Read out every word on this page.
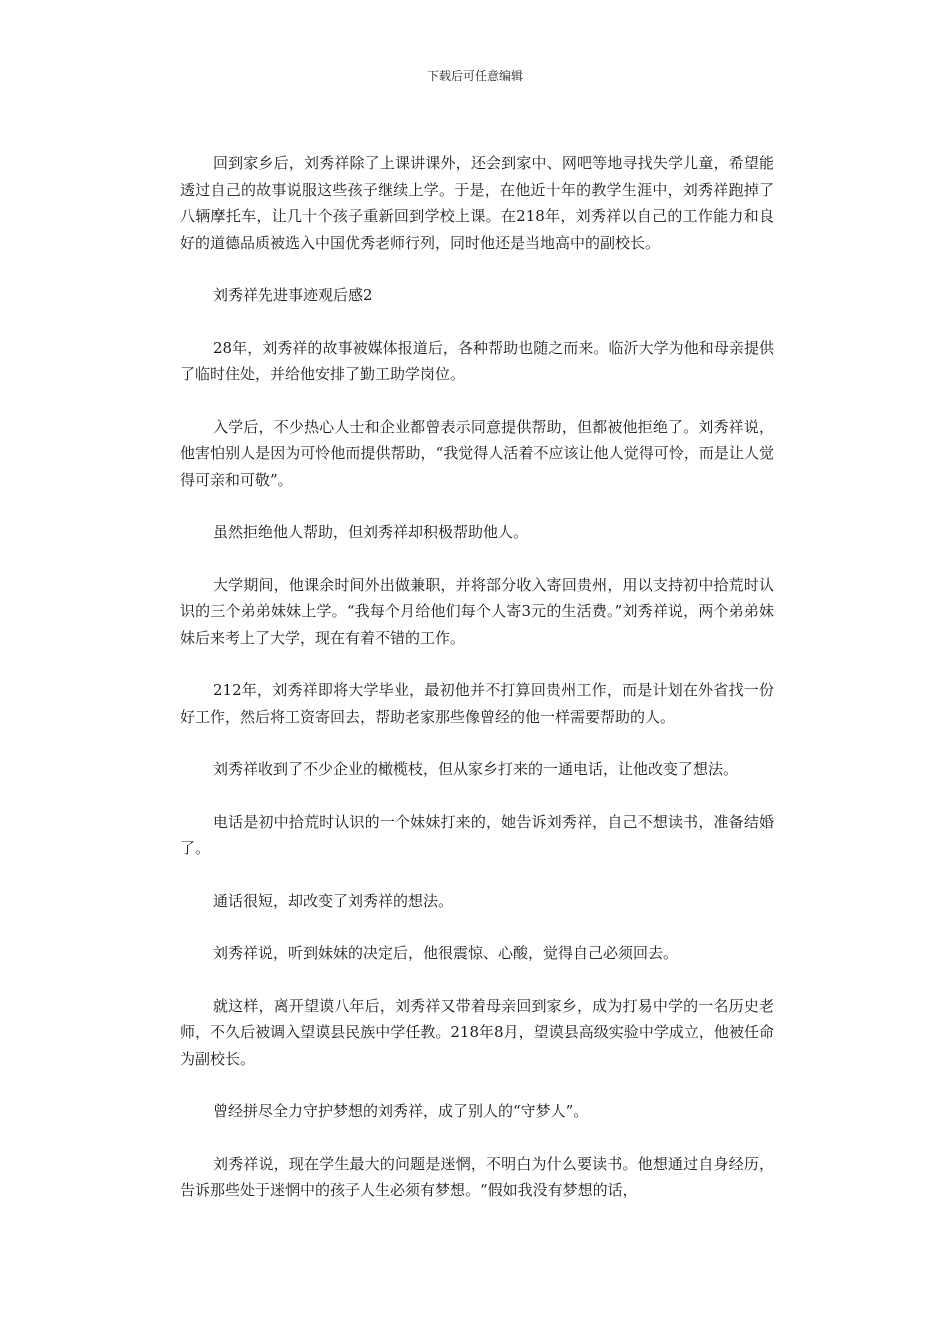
下载后可任意编辑

回到家乡后，刘秀祥除了上课讲课外，还会到家中、网吧等地寻找失学儿童，希望能透过自己的故事说服这些孩子继续上学。于是，在他近十年的教学生涯中，刘秀祥跑掉了八辆摩托车，让几十个孩子重新回到学校上课。在218年，刘秀祥以自己的工作能力和良好的道德品质被选入中国优秀老师行列，同时他还是当地高中的副校长。

刘秀祥先进事迹观后感2

28年，刘秀祥的故事被媒体报道后，各种帮助也随之而来。临沂大学为他和母亲提供了临时住处，并给他安排了勤工助学岗位。

入学后，不少热心人士和企业都曾表示同意提供帮助，但都被他拒绝了。刘秀祥说，他害怕别人是因为可怜他而提供帮助，“我觉得人活着不应该让他人觉得可怜，而是让人觉得可亲和可敬”。

虽然拒绝他人帮助，但刘秀祥却积极帮助他人。

大学期间，他课余时间外出做兼职，并将部分收入寄回贵州，用以支持初中拾荒时认识的三个弟弟妹妹上学。“我每个月给他们每个人寄3元的生活费。”刘秀祥说，两个弟弟妹妹后来考上了大学，现在有着不错的工作。

212年，刘秀祥即将大学毕业，最初他并不打算回贵州工作，而是计划在外省找一份好工作，然后将工资寄回去，帮助老家那些像曾经的他一样需要帮助的人。

刘秀祥收到了不少企业的橄榄枝，但从家乡打来的一通电话，让他改变了想法。

电话是初中拾荒时认识的一个妹妹打来的，她告诉刘秀祥，自己不想读书，准备结婚了。

通话很短，却改变了刘秀祥的想法。

刘秀祥说，听到妹妹的决定后，他很震惊、心酸，觉得自己必须回去。

就这样，离开望谟八年后，刘秀祥又带着母亲回到家乡，成为打易中学的一名历史老师，不久后被调入望谟县民族中学任教。218年8月，望谟县高级实验中学成立，他被任命为副校长。

曾经拼尽全力守护梦想的刘秀祥，成了别人的“守梦人”。

刘秀祥说，现在学生最大的问题是迷惘，不明白为什么要读书。他想通过自身经历，告诉那些处于迷惘中的孩子人生必须有梦想。“假如我没有梦想的话，
